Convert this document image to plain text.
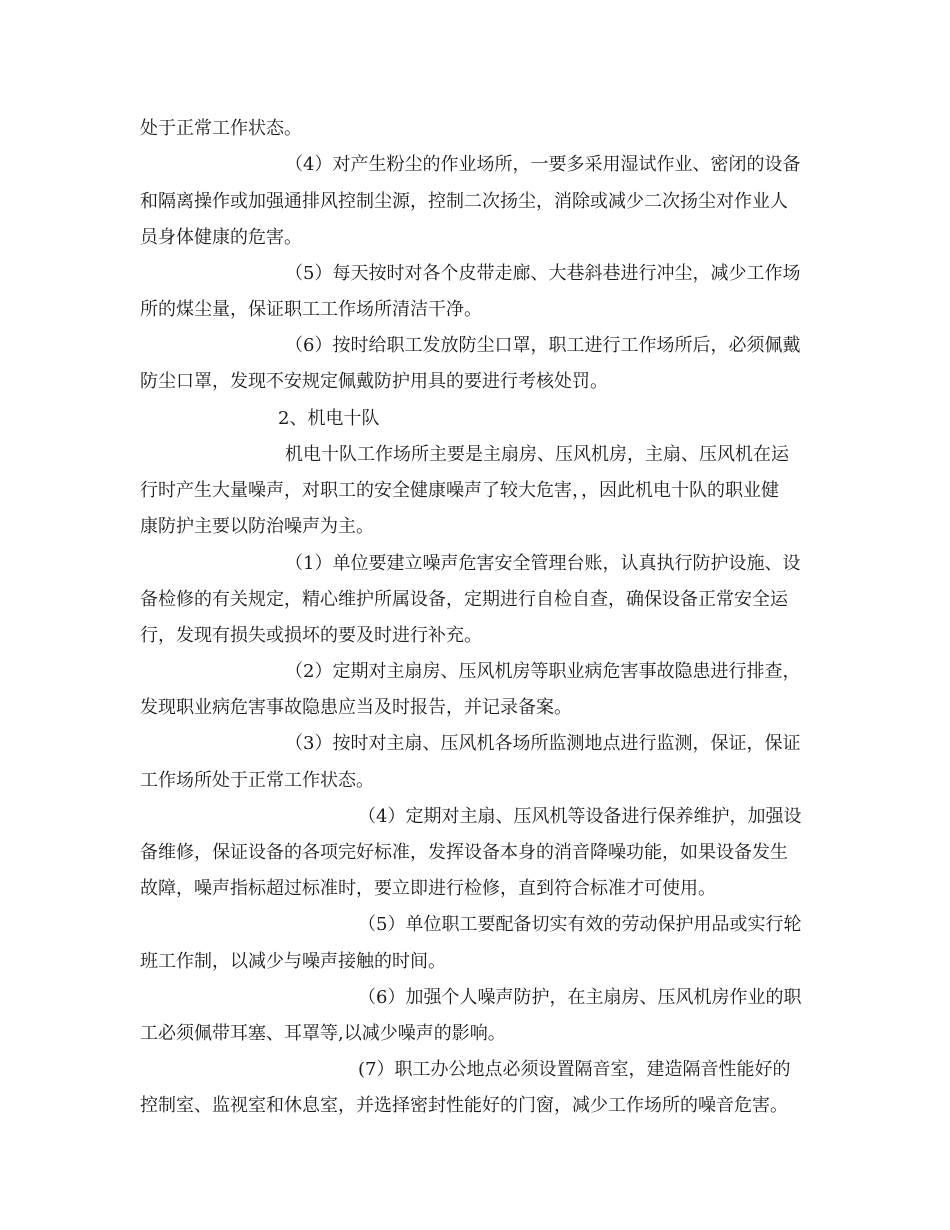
处于正常工作状态。
（4）对产生粉尘的作业场所，一要多采用湿试作业、密闭的设备
和隔离操作或加强通排风控制尘源，控制二次扬尘，消除或减少二次扬尘对作业人
员身体健康的危害。
（5）每天按时对各个皮带走廊、大巷斜巷进行冲尘，减少工作场
所的煤尘量，保证职工工作场所清洁干净。
（6）按时给职工发放防尘口罩，职工进行工作场所后，必须佩戴
防尘口罩，发现不安规定佩戴防护用具的要进行考核处罚。
2、机电十队
机电十队工作场所主要是主扇房、压风机房，主扇、压风机在运
行时产生大量噪声，对职工的安全健康噪声了较大危害，，因此机电十队的职业健
康防护主要以防治噪声为主。
（1）单位要建立噪声危害安全管理台账，认真执行防护设施、设
备检修的有关规定，精心维护所属设备，定期进行自检自查，确保设备正常安全运
行，发现有损失或损坏的要及时进行补充。
（2）定期对主扇房、压风机房等职业病危害事故隐患进行排查，
发现职业病危害事故隐患应当及时报告，并记录备案。
（3）按时对主扇、压风机各场所监测地点进行监测，保证，保证
工作场所处于正常工作状态。
（4）定期对主扇、压风机等设备进行保养维护，加强设
备维修，保证设备的各项完好标准，发挥设备本身的消音降噪功能，如果设备发生
故障，噪声指标超过标准时，要立即进行检修，直到符合标准才可使用。
（5）单位职工要配备切实有效的劳动保护用品或实行轮
班工作制，以减少与噪声接触的时间。
（6）加强个人噪声防护，在主扇房、压风机房作业的职
工必须佩带耳塞、耳罩等,以减少噪声的影响。
(7）职工办公地点必须设置隔音室，建造隔音性能好的
控制室、监视室和休息室，并选择密封性能好的门窗，减少工作场所的噪音危害。
